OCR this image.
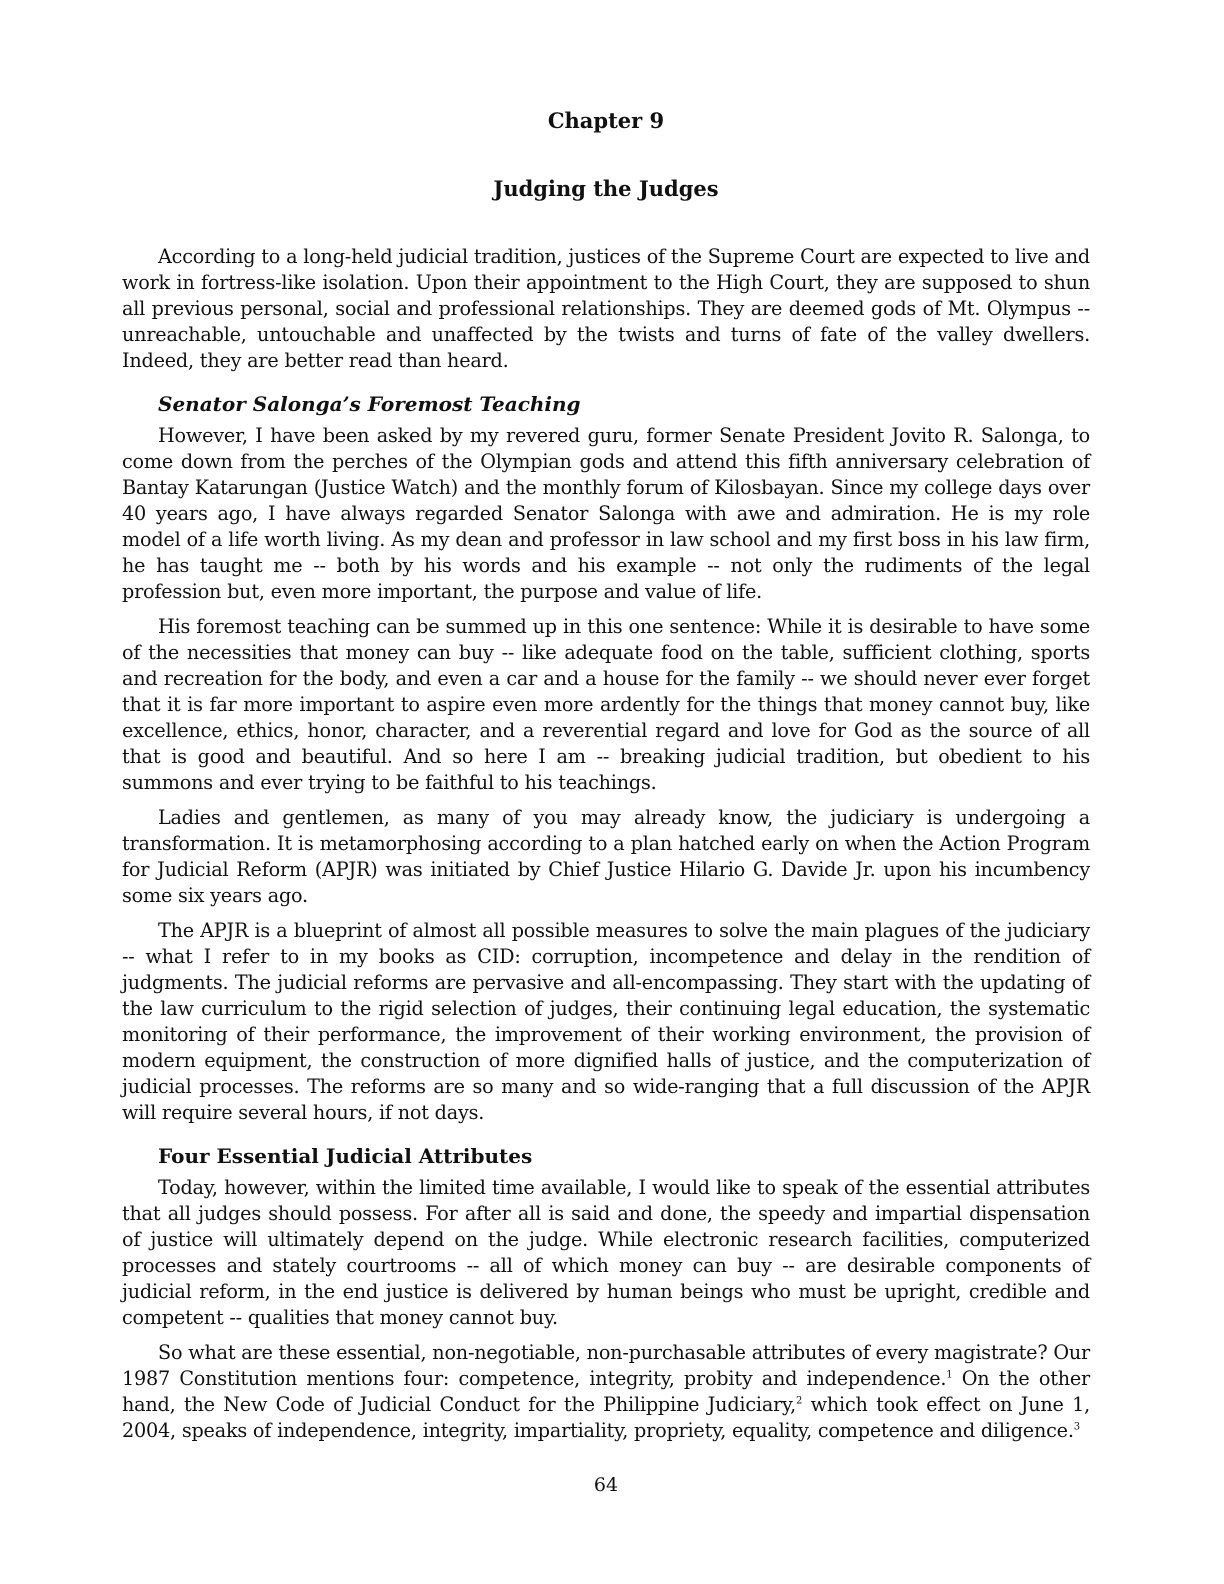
Chapter 9
Judging the Judges

According to a long-held judicial tradition, justices of the Supreme Court are expected to live and work in fortress-like isolation. Upon their appointment to the High Court, they are supposed to shun all previous personal, social and professional relationships. They are deemed gods of Mt. Olympus -- unreachable, untouchable and unaffected by the twists and turns of fate of the valley dwellers. Indeed, they are better read than heard.

Senator Salonga’s Foremost Teaching

However, I have been asked by my revered guru, former Senate President Jovito R. Salonga, to come down from the perches of the Olympian gods and attend this fifth anniversary celebration of Bantay Katarungan (Justice Watch) and the monthly forum of Kilosbayan. Since my college days over 40 years ago, I have always regarded Senator Salonga with awe and admiration. He is my role model of a life worth living. As my dean and professor in law school and my first boss in his law firm, he has taught me -- both by his words and his example -- not only the rudiments of the legal profession but, even more important, the purpose and value of life.

His foremost teaching can be summed up in this one sentence: While it is desirable to have some of the necessities that money can buy -- like adequate food on the table, sufficient clothing, sports and recreation for the body, and even a car and a house for the family -- we should never ever forget that it is far more important to aspire even more ardently for the things that money cannot buy, like excellence, ethics, honor, character, and a reverential regard and love for God as the source of all that is good and beautiful. And so here I am -- breaking judicial tradition, but obedient to his summons and ever trying to be faithful to his teachings.

Ladies and gentlemen, as many of you may already know, the judiciary is undergoing a transformation. It is metamorphosing according to a plan hatched early on when the Action Program for Judicial Reform (APJR) was initiated by Chief Justice Hilario G. Davide Jr. upon his incumbency some six years ago.

The APJR is a blueprint of almost all possible measures to solve the main plagues of the judiciary -- what I refer to in my books as CID: corruption, incompetence and delay in the rendition of judgments. The judicial reforms are pervasive and all-encompassing. They start with the updating of the law curriculum to the rigid selection of judges, their continuing legal education, the systematic monitoring of their performance, the improvement of their working environment, the provision of modern equipment, the construction of more dignified halls of justice, and the computerization of judicial processes. The reforms are so many and so wide-ranging that a full discussion of the APJR will require several hours, if not days.

Four Essential Judicial Attributes

Today, however, within the limited time available, I would like to speak of the essential attributes that all judges should possess. For after all is said and done, the speedy and impartial dispensation of justice will ultimately depend on the judge. While electronic research facilities, computerized processes and stately courtrooms -- all of which money can buy -- are desirable components of judicial reform, in the end justice is delivered by human beings who must be upright, credible and competent -- qualities that money cannot buy.

So what are these essential, non-negotiable, non-purchasable attributes of every magistrate? Our 1987 Constitution mentions four: competence, integrity, probity and independence.$^1$ On the other hand, the New Code of Judicial Conduct for the Philippine Judiciary,$^2$ which took effect on June 1, 2004, speaks of independence, integrity, impartiality, propriety, equality, competence and diligence.$^3$

64
